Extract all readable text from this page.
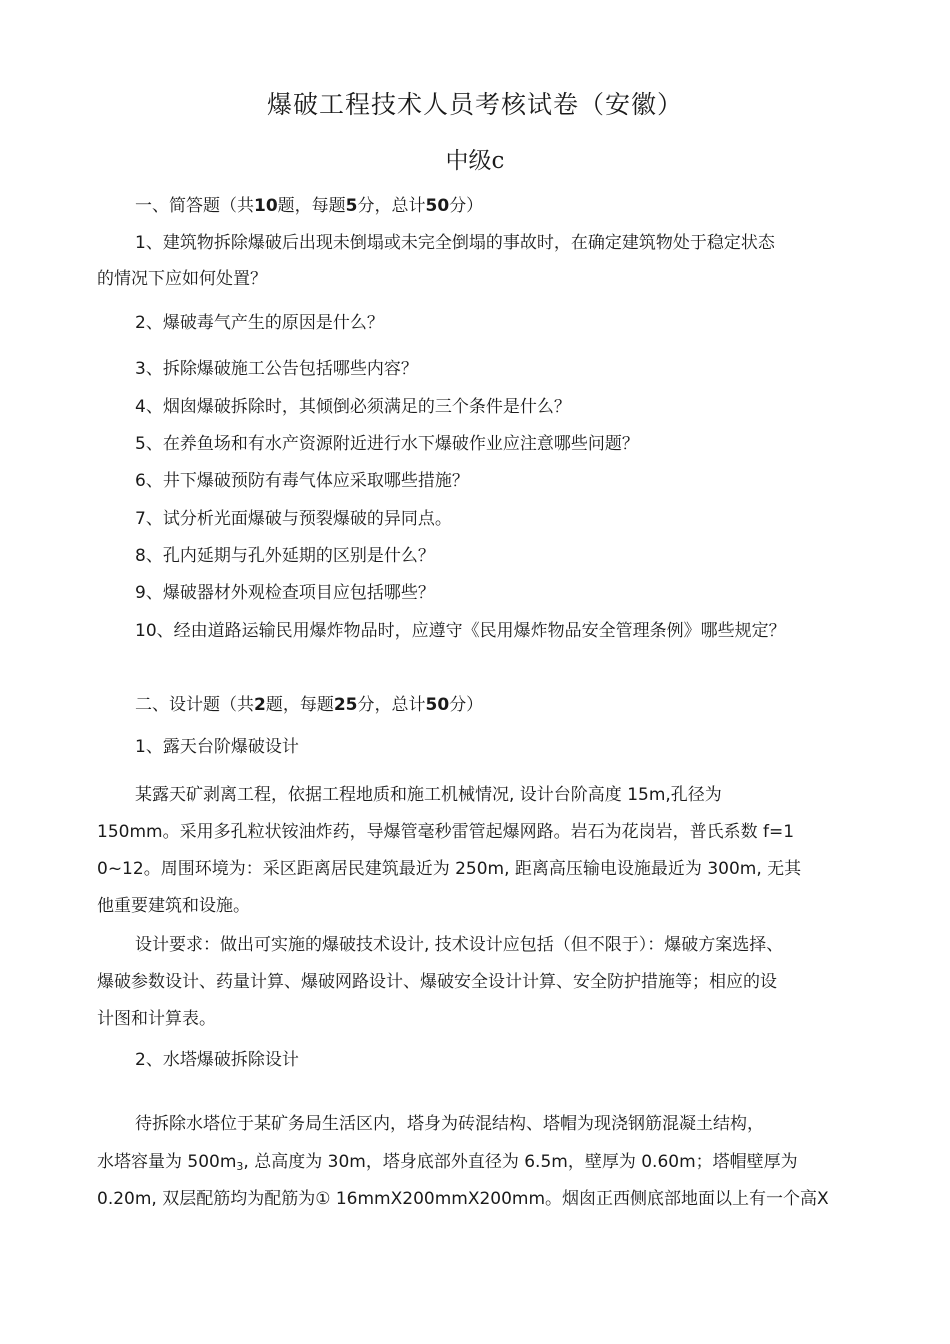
爆破工程技术人员考核试卷（安徽）
中级c
一、简答题（共10题，每题5分，总计50分）
1、建筑物拆除爆破后出现未倒塌或未完全倒塌的事故时，在确定建筑物处于稳定状态
的情况下应如何处置？
2、爆破毒气产生的原因是什么？
3、拆除爆破施工公告包括哪些内容？
4、烟囱爆破拆除时，其倾倒必须满足的三个条件是什么？
5、在养鱼场和有水产资源附近进行水下爆破作业应注意哪些问题？
6、井下爆破预防有毒气体应采取哪些措施？
7、试分析光面爆破与预裂爆破的异同点。
8、孔内延期与孔外延期的区别是什么？
9、爆破器材外观检查项目应包括哪些？
10、经由道路运输民用爆炸物品时，应遵守《民用爆炸物品安全管理条例》哪些规定？
二、设计题（共2题，每题25分，总计50分）
1、露天台阶爆破设计
某露天矿剥离工程，依据工程地质和施工机械情况, 设计台阶高度 15m,孔径为
150mm。采用多孔粒状铵油炸药，导爆管毫秒雷管起爆网路。岩石为花岗岩，普氏系数 f=1
0~12。周围环境为：采区距离居民建筑最近为 250m, 距离高压输电设施最近为 300m, 无其
他重要建筑和设施。
设计要求：做出可实施的爆破技术设计, 技术设计应包括（但不限于）：爆破方案选择、
爆破参数设计、药量计算、爆破网路设计、爆破安全设计计算、安全防护措施等；相应的设
计图和计算表。
2、水塔爆破拆除设计
待拆除水塔位于某矿务局生活区内，塔身为砖混结构、塔帽为现浇钢筋混凝土结构，
水塔容量为 $500m_3$, 总高度为 30m，塔身底部外直径为 6.5m，壁厚为 0.60m；塔帽壁厚为
0.20m, 双层配筋均为配筋为① 16mmX200mmX200mm。烟囱正西侧底部地面以上有一个高X
